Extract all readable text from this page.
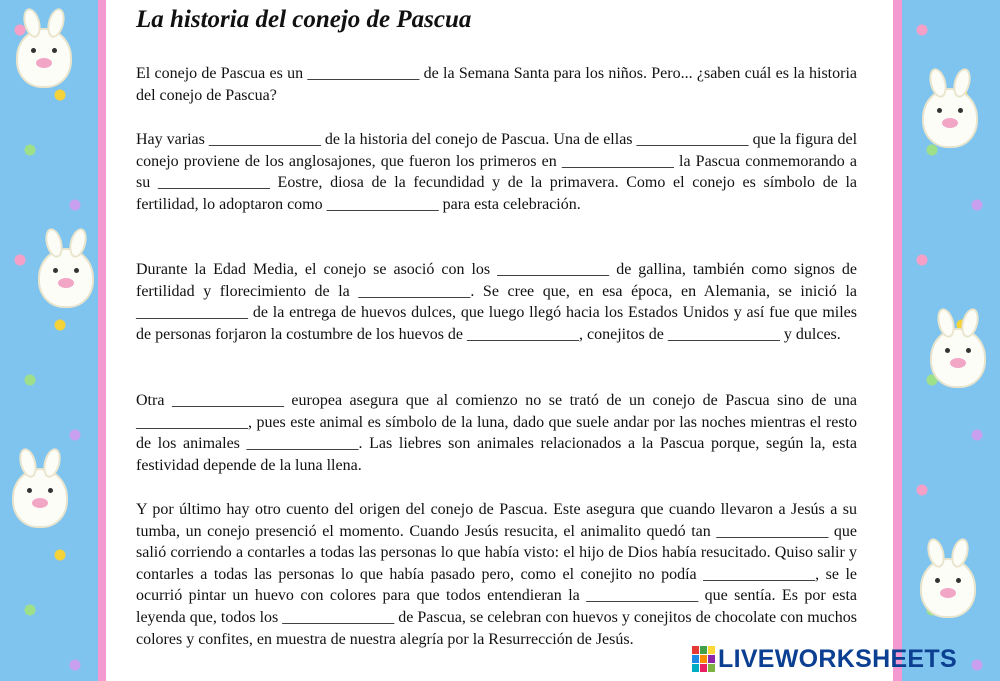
La historia del conejo de Pascua

El conejo de Pascua es un ______________ de la Semana Santa para los niños. Pero... ¿saben cuál es la historia del conejo de Pascua?

Hay varias ______________ de la historia del conejo de Pascua. Una de ellas ______________ que la figura del conejo proviene de los anglosajones, que fueron los primeros en ______________ la Pascua conmemorando a su ______________ Eostre, diosa de la fecundidad y de la primavera. Como el conejo es símbolo de la fertilidad, lo adoptaron como ______________ para esta celebración.

Durante la Edad Media, el conejo se asoció con los ______________ de gallina, también como signos de fertilidad y florecimiento de la ______________. Se cree que, en esa época, en Alemania, se inició la ______________ de la entrega de huevos dulces, que luego llegó hacia los Estados Unidos y así fue que miles de personas forjaron la costumbre de los huevos de ______________, conejitos de ______________ y dulces.

Otra ______________ europea asegura que al comienzo no se trató de un conejo de Pascua sino de una ______________, pues este animal es símbolo de la luna, dado que suele andar por las noches mientras el resto de los animales ______________. Las liebres son animales relacionados a la Pascua porque, según la, esta festividad depende de la luna llena.

Y por último hay otro cuento del origen del conejo de Pascua. Este asegura que cuando llevaron a Jesús a su tumba, un conejo presenció el momento. Cuando Jesús resucita, el animalito quedó tan ______________ que salió corriendo a contarles a todas las personas lo que había visto: el hijo de Dios había resucitado. Quiso salir y contarles a todas las personas lo que había pasado pero, como el conejito no podía ______________, se le ocurrió pintar un huevo con colores para que todos entendieran la ______________ que sentía. Es por esta leyenda que, todos los ______________ de Pascua, se celebran con huevos y conejitos de chocolate con muchos colores y confites, en muestra de nuestra alegría por la Resurrección de Jesús.

LIVEWORKSHEETS
